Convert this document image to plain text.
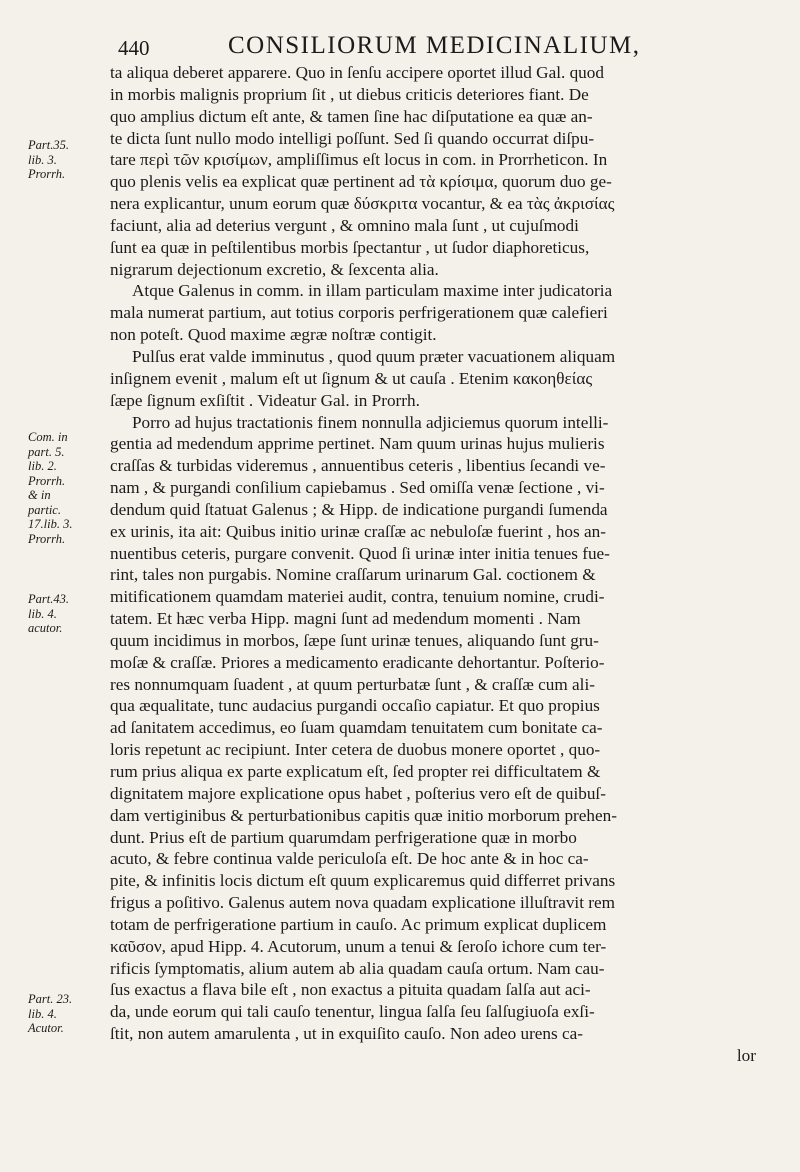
440	CONSILIORUM MEDICINALIUM,
ta aliqua deberet apparere. Quo in ſenſu accipere oportet illud Gal. quod
in morbis malignis proprium ſit , ut diebus criticis deteriores fiant. De
quo amplius dictum eſt ante, & tamen ſine hac diſputatione ea quæ an-
te dicta ſunt nullo modo intelligi poſſunt. Sed ſi quando occurrat diſpu-
tare περὶ τῶν κρισίμων, ampliſſimus eſt locus in com. in Prorrheticon. In
quo plenis velis ea explicat quæ pertinent ad τὰ κρίσιμα, quorum duo ge-
nera explicantur, unum eorum quæ δύσκριτα vocantur, & ea τὰς ἀκρισίας
faciunt, alia ad deterius vergunt , & omnino mala ſunt , ut cujuſmodi
ſunt ea quæ in peſtilentibus morbis ſpectantur , ut ſudor diaphoreticus,
nigrarum dejectionum excretio, & ſexcenta alia.
Atque Galenus in comm. in illam particulam maxime inter judicatoria
mala numerat partium, aut totius corporis perfrigerationem quæ calefieri
non poteſt. Quod maxime ægræ noſtræ contigit.
Pulſus erat valde imminutus , quod quum præter vacuationem aliquam
inſignem evenit , malum eſt ut ſignum & ut cauſa . Etenim κακοηθείας
ſæpe ſignum exſiſtit . Videatur Gal. in Prorrh.
Porro ad hujus tractationis finem nonnulla adjiciemus quorum intelli-
gentia ad medendum apprime pertinet. Nam quum urinas hujus mulieris
craſſas & turbidas videremus , annuentibus ceteris , libentius ſecandi ve-
nam , & purgandi conſilium capiebamus . Sed omiſſa venæ ſectione , vi-
dendum quid ſtatuat Galenus ; & Hipp. de indicatione purgandi ſumenda
ex urinis, ita ait: Quibus initio urinæ craſſæ ac nebuloſæ fuerint , hos an-
nuentibus ceteris, purgare convenit. Quod ſi urinæ inter initia tenues fue-
rint, tales non purgabis. Nomine craſſarum urinarum Gal. coctionem &
mitificationem quamdam materiei audit, contra, tenuium nomine, crudi-
tatem. Et hæc verba Hipp. magni ſunt ad medendum momenti . Nam
quum incidimus in morbos, ſæpe ſunt urinæ tenues, aliquando ſunt gru-
moſæ & craſſæ. Priores a medicamento eradicante dehortantur. Poſterio-
res nonnumquam ſuadent , at quum perturbatæ ſunt , & craſſæ cum ali-
qua æqualitate, tunc audacius purgandi occaſio capiatur. Et quo propius
ad ſanitatem accedimus, eo ſuam quamdam tenuitatem cum bonitate ca-
loris repetunt ac recipiunt. Inter cetera de duobus monere oportet , quo-
rum prius aliqua ex parte explicatum eſt, ſed propter rei difficultatem &
dignitatem majore explicatione opus habet , poſterius vero eſt de quibuſ-
dam vertiginibus & perturbationibus capitis quæ initio morborum prehen-
dunt. Prius eſt de partium quarumdam perfrigeratione quæ in morbo
acuto, & febre continua valde periculoſa eſt. De hoc ante & in hoc ca-
pite, & infinitis locis dictum eſt quum explicaremus quid differret privans
frigus a poſitivo. Galenus autem nova quadam explicatione illuſtravit rem
totam de perfrigeratione partium in cauſo. Ac primum explicat duplicem
καῦσον, apud Hipp. 4. Acutorum, unum a tenui & ſeroſo ichore cum ter-
rificis ſymptomatis, alium autem ab alia quadam cauſa ortum. Nam cau-
ſus exactus a flava bile eſt , non exactus a pituita quadam ſalſa aut aci-
da, unde eorum qui tali cauſo tenentur, lingua ſalſa ſeu ſalſugiuoſa exſi-
ſtit, non autem amarulenta , ut in exquiſito cauſo. Non adeo urens ca-
lor
Part.35.
lib. 3.
Prorrh.
Com. in
part. 5.
lib. 2.
Prorrh.
& in
partic.
17.lib. 3.
Prorrh.
Part.43.
lib. 4.
acutor.
Part. 23.
lib. 4.
Acutor.
